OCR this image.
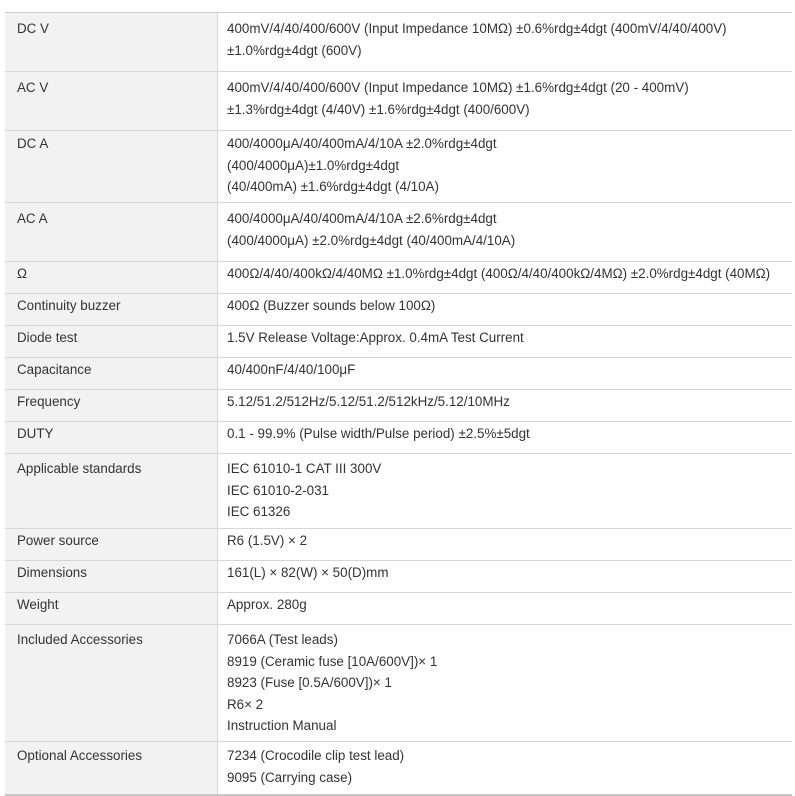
DC V	400mV/4/40/400/600V (Input Impedance 10MΩ) ±0.6%rdg±4dgt (400mV/4/40/400V)
±1.0%rdg±4dgt (600V)

AC V	400mV/4/40/400/600V (Input Impedance 10MΩ) ±1.6%rdg±4dgt (20 - 400mV)
±1.3%rdg±4dgt (4/40V) ±1.6%rdg±4dgt (400/600V)

DC A	400/4000μA/40/400mA/4/10A ±2.0%rdg±4dgt
(400/4000μA)±1.0%rdg±4dgt
(40/400mA) ±1.6%rdg±4dgt (4/10A)

AC A	400/4000μA/40/400mA/4/10A ±2.6%rdg±4dgt
(400/4000μA) ±2.0%rdg±4dgt (40/400mA/4/10A)

Ω	400Ω/4/40/400kΩ/4/40MΩ ±1.0%rdg±4dgt (400Ω/4/40/400kΩ/4MΩ) ±2.0%rdg±4dgt (40MΩ)

Continuity buzzer	400Ω (Buzzer sounds below 100Ω)

Diode test	1.5V Release Voltage:Approx. 0.4mA Test Current

Capacitance	40/400nF/4/40/100μF

Frequency	5.12/51.2/512Hz/5.12/51.2/512kHz/5.12/10MHz

DUTY	0.1 - 99.9% (Pulse width/Pulse period) ±2.5%±5dgt

Applicable standards	IEC 61010-1 CAT III 300V
IEC 61010-2-031
IEC 61326

Power source	R6 (1.5V) × 2

Dimensions	161(L) × 82(W) × 50(D)mm

Weight	Approx. 280g

Included Accessories	7066A (Test leads)
8919 (Ceramic fuse [10A/600V])× 1
8923 (Fuse [0.5A/600V])× 1
R6× 2
Instruction Manual

Optional Accessories	7234 (Crocodile clip test lead)
9095 (Carrying case)
